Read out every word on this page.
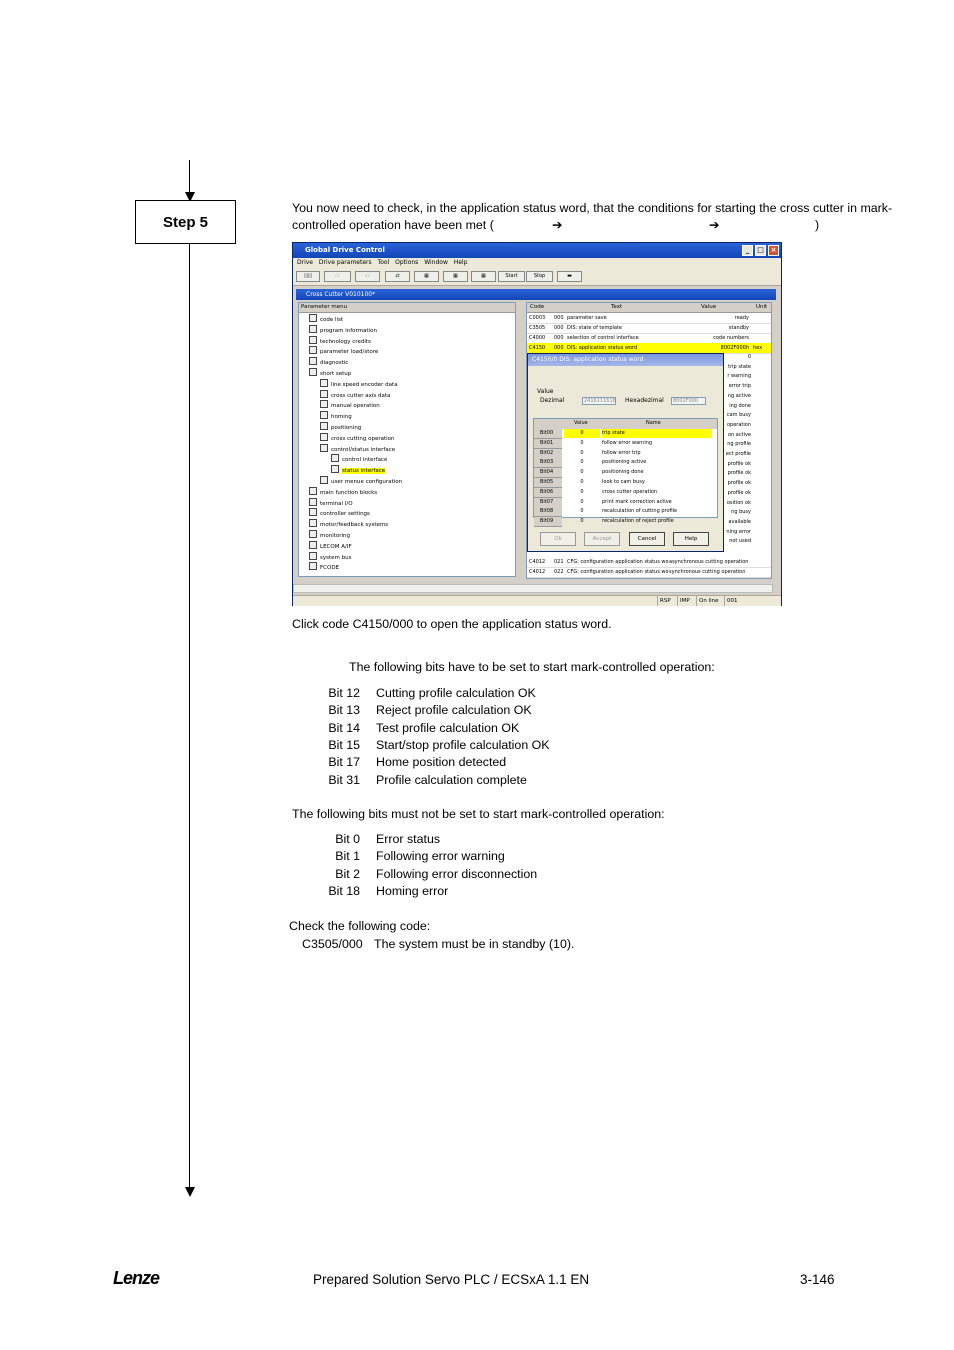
Step 5
You now need to check, in the application status word, that the conditions for starting the cross cutter in mark-
controlled operation have been met (	➔	➔	)
Global Drive Control	_	□ ×
Drive Drive parameters Tool Options Window Help
▯▯▯	▭	▭	⇄	▦	▦	▦	Start	Stop	▬
Cross Cutter V010100*
Parameter menu
code list
program information
technology credits
parameter load/store
diagnostic
short setup
line speed encoder data
cross cutter axis data
manual operation
homing
positioning
cross cutting operation
control/status interface
control interface
status interface
user menue configuration
main function blocks
terminal I/O
controller settings
motor/feedback systems
monitoring
LECOM A/IF
system bus
FCODE
Code	Text	Value	Unit
C0003	000 parameter save	ready
C3505	000 DIS: state of template	standby
C4000	000 selection of control interface	code numbers
C4150	000 DIS: application status word	8002F000h hex
0
trip state
r warning
error trip
ng active
ing done
cam busy
operation
on active
ng profile
ect profile
profile ok
profile ok
profile ok
profile ok
osition ok
ng busy
available
ning error
not used
C4012	021 CFG: configuration application status wo asynchronous cutting operation
C4012	022 CFG: configuration application status wo synchronous cutting operation
C4150/0 DIS: application status word
Value
Dezimal	2416111616 Hexadezimal	8002F000
Value	Name
Bit00	0	trip state
Bit01	0	follow error warning
Bit02	0	follow error trip
Bit03	0	positioning active
Bit04	0	positioning done
Bit05	0	look to cam busy
Bit06	0	cross cutter operation
Bit07	0	print mark correction active
Bit08	0	recalculation of cutting profile
Bit09	0	recalculation of reject profile
Ok	Accept	Cancel	Help
RSP	IMP	On line	001
Click code C4150/000 to open the application status word.
The following bits have to be set to start mark-controlled operation:
Bit 12 Cutting profile calculation OK
Bit 13 Reject profile calculation OK
Bit 14 Test profile calculation OK
Bit 15 Start/stop profile calculation OK
Bit 17 Home position detected
Bit 31 Profile calculation complete
The following bits must not be set to start mark-controlled operation:
Bit 0 Error status
Bit 1 Following error warning
Bit 2 Following error disconnection
Bit 18 Homing error
Check the following code:
C3505/000 The system must be in standby (10).
Lenze	Prepared Solution Servo PLC / ECSxA 1.1 EN	3-146
